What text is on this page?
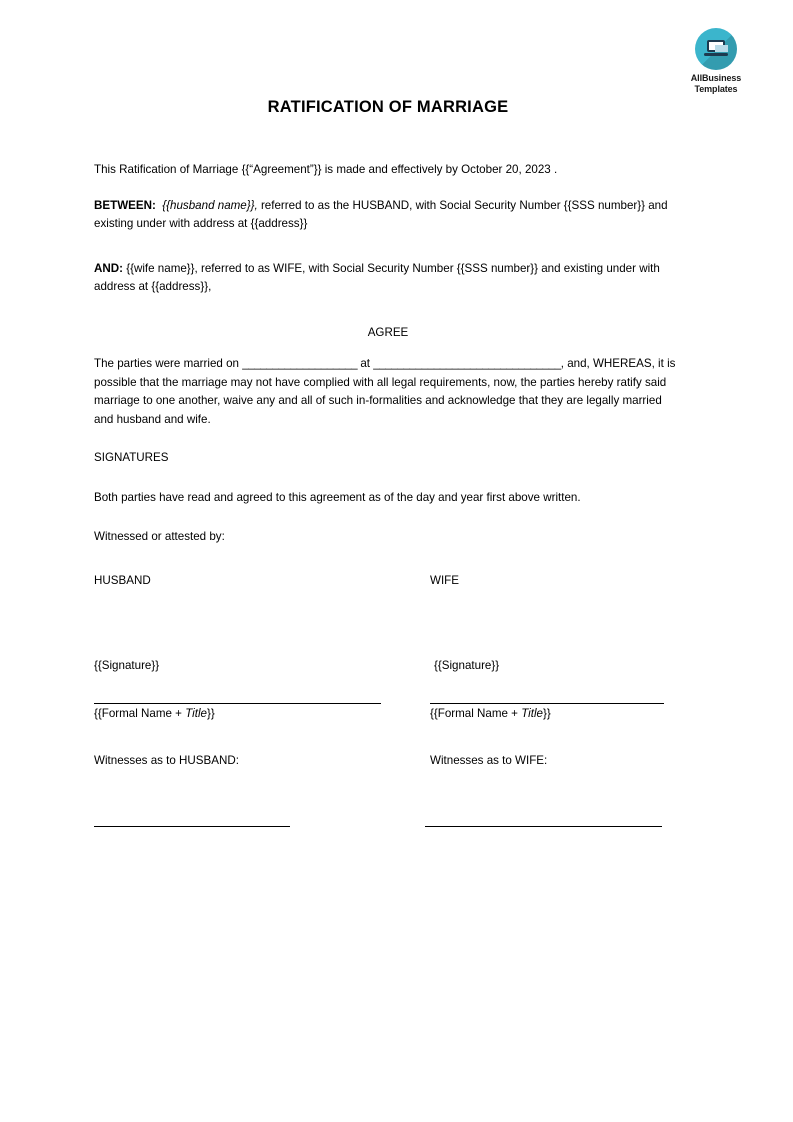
AllBusiness
Templates
RATIFICATION OF MARRIAGE

This Ratification of Marriage {{“Agreement”}} is made and effectively by October 20, 2023 .

BETWEEN: {{husband name}}, referred to as the HUSBAND, with Social Security Number {{SSS number}} and existing under with address at {{address}}

AND: {{wife name}}, referred to as WIFE, with Social Security Number {{SSS number}} and existing under with address at {{address}},

AGREE

The parties were married on ___________________ at _______________________________, and, WHEREAS, it is possible that the marriage may not have complied with all legal requirements, now, the parties hereby ratify said marriage to one another, waive any and all of such in-formalities and acknowledge that they are legally married and husband and wife.

SIGNATURES

Both parties have read and agreed to this agreement as of the day and year first above written.

Witnessed or attested by:

HUSBAND
{{Signature}}
{{Formal Name + Title}}
Witnesses as to HUSBAND:
WIFE
{{Signature}}
{{Formal Name + Title}}
Witnesses as to WIFE:
